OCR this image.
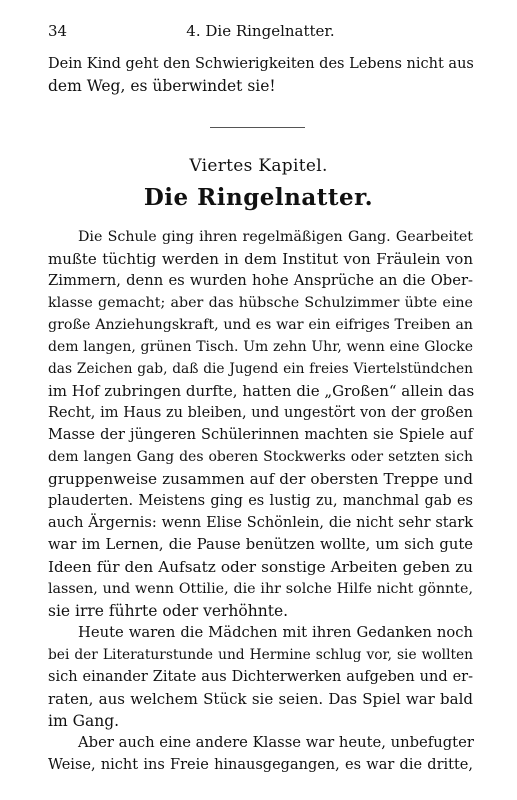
34	4. Die Ringelnatter.
Dein Kind geht den Schwierigkeiten des Lebens nicht aus
dem Weg, es überwindet sie!
Viertes Kapitel.
Die Ringelnatter.
Die Schule ging ihren regelmäßigen Gang. Gearbeitet
mußte tüchtig werden in dem Institut von Fräulein von
Zimmern, denn es wurden hohe Ansprüche an die Ober-
klasse gemacht; aber das hübsche Schulzimmer übte eine
große Anziehungskraft, und es war ein eifriges Treiben an
dem langen, grünen Tisch. Um zehn Uhr, wenn eine Glocke
das Zeichen gab, daß die Jugend ein freies Viertelstündchen
im Hof zubringen durfte, hatten die „Großen“ allein das
Recht, im Haus zu bleiben, und ungestört von der großen
Masse der jüngeren Schülerinnen machten sie Spiele auf
dem langen Gang des oberen Stockwerks oder setzten sich
gruppenweise zusammen auf der obersten Treppe und
plauderten. Meistens ging es lustig zu, manchmal gab es
auch Ärgernis: wenn Elise Schönlein, die nicht sehr stark
war im Lernen, die Pause benützen wollte, um sich gute
Ideen für den Aufsatz oder sonstige Arbeiten geben zu
lassen, und wenn Ottilie, die ihr solche Hilfe nicht gönnte,
sie irre führte oder verhöhnte.
Heute waren die Mädchen mit ihren Gedanken noch
bei der Literaturstunde und Hermine schlug vor, sie wollten
sich einander Zitate aus Dichterwerken aufgeben und er-
raten, aus welchem Stück sie seien. Das Spiel war bald
im Gang.
Aber auch eine andere Klasse war heute, unbefugter
Weise, nicht ins Freie hinausgegangen, es war die dritte,
